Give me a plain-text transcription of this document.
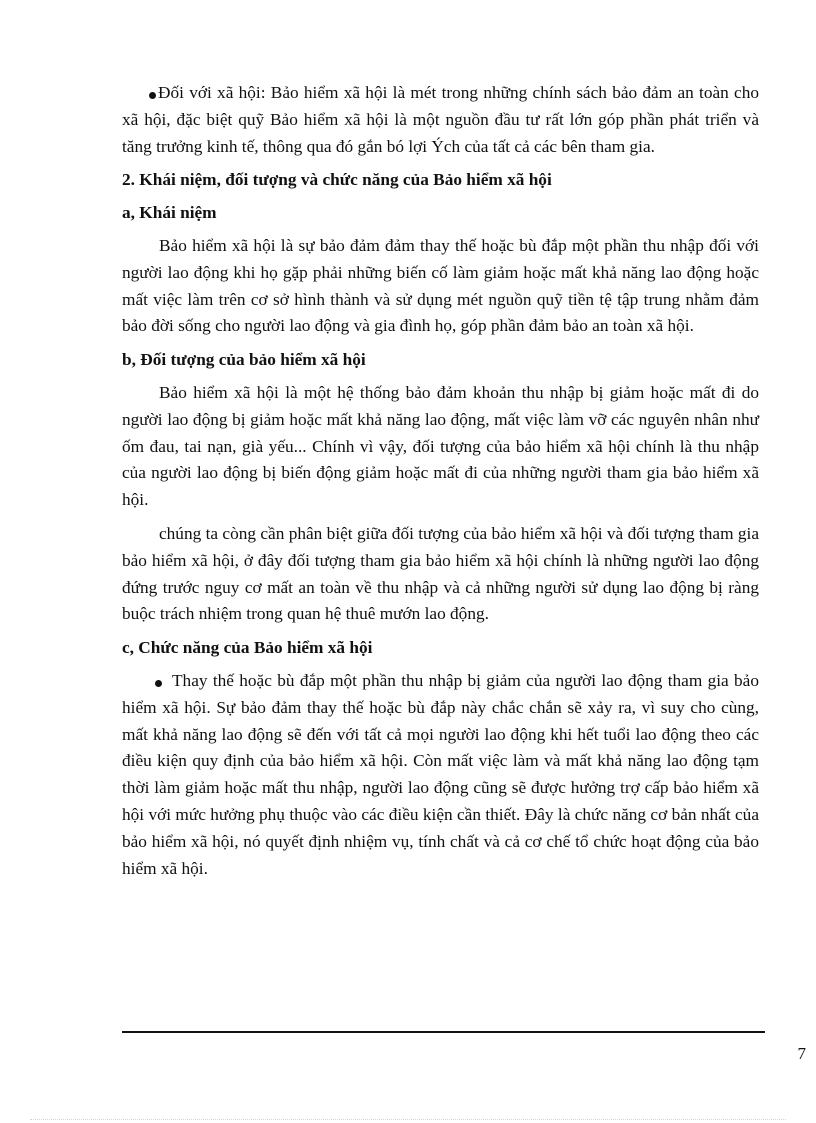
Đối với xã hội: Bảo hiểm xã hội là mét trong những chính sách bảo đảm an toàn cho xã hội, đặc biệt quỹ Bảo hiểm xã hội là một nguồn đầu tư rất lớn góp phần phát triển và tăng trưởng kinh tế, thông qua đó gắn bó lợi Ých của tất cả các bên tham gia.

2. Khái niệm, đối tượng và chức năng của Bảo hiểm xã hội

a, Khái niệm

Bảo hiểm xã hội là sự bảo đảm đảm thay thế hoặc bù đắp một phần thu nhập đối với người lao động khi họ gặp phải những biến cố làm giảm hoặc mất khả năng lao động hoặc mất việc làm trên cơ sở hình thành và sử dụng mét nguồn quỹ tiền tệ tập trung nhằm đảm bảo đời sống cho người lao động và gia đình họ, góp phần đảm bảo an toàn xã hội.

b, Đối tượng của bảo hiểm xã hội

Bảo hiểm xã hội là một hệ thống bảo đảm khoản thu nhập bị giảm hoặc mất đi do người lao động bị giảm hoặc mất khả năng lao động, mất việc làm vỡ các nguyên nhân như ốm đau, tai nạn, già yếu... Chính vì vậy, đối tượng của bảo hiểm xã hội chính là thu nhập của người lao động bị biến động giảm hoặc mất đi của những người tham gia bảo hiểm xã hội.

chúng ta còng cần phân biệt giữa đối tượng của bảo hiểm xã hội và đối tượng tham gia bảo hiểm xã hội, ở đây đối tượng tham gia bảo hiểm xã hội chính là những người lao động đứng trước nguy cơ mất an toàn về thu nhập và cả những người sử dụng lao động bị ràng buộc trách nhiệm trong quan hệ thuê mướn lao động.

c, Chức năng của Bảo hiểm xã hội

Thay thế hoặc bù đắp một phần thu nhập bị giảm của người lao động tham gia bảo hiểm xã hội. Sự bảo đảm thay thế hoặc bù đắp này chắc chắn sẽ xảy ra, vì suy cho cùng, mất khả năng lao động sẽ đến với tất cả mọi người lao động khi hết tuổi lao động theo các điều kiện quy định của bảo hiểm xã hội. Còn mất việc làm và mất khả năng lao động tạm thời làm giảm hoặc mất thu nhập, người lao động cũng sẽ được hưởng trợ cấp bảo hiểm xã hội với mức hưởng phụ thuộc vào các điều kiện cần thiết. Đây là chức năng cơ bản nhất của bảo hiểm xã hội, nó quyết định nhiệm vụ, tính chất và cả cơ chế tổ chức hoạt động của bảo hiểm xã hội.

7
